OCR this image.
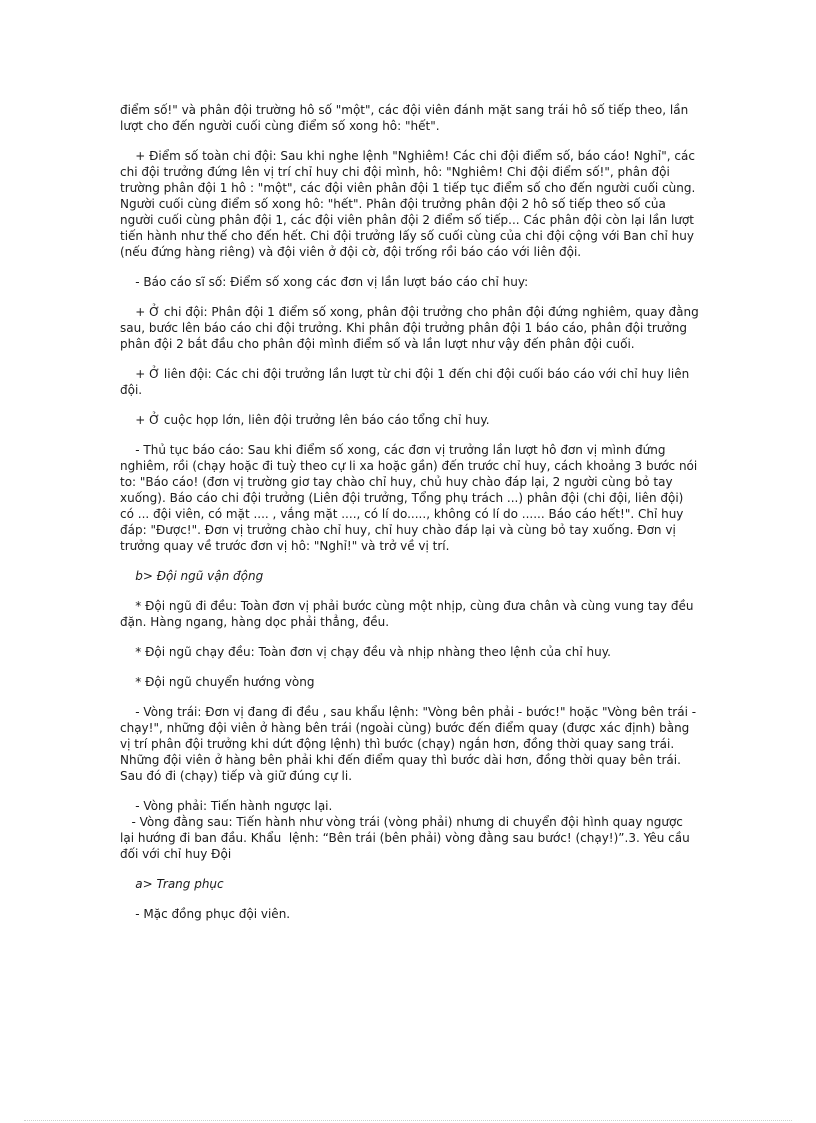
điểm số!" và phân đội trường hô số "một", các đội viên đánh mặt sang trái hô số tiếp theo, lần lượt cho đến người cuối cùng điểm số xong hô: "hết".

+ Điểm số toàn chi đội: Sau khi nghe lệnh "Nghiêm! Các chi đội điểm số, báo cáo! Nghỉ", các chi đội trưởng đứng lên vị trí chỉ huy chi đội mình, hô: "Nghiêm! Chi đội điểm số!", phân đội trường phân đội 1 hô : "một", các đội viên phân đội 1 tiếp tục điểm số cho đến người cuối cùng. Người cuối cùng điểm số xong hô: "hết". Phân đội trưởng phân đội 2 hô số tiếp theo số của người cuối cùng phân đội 1, các đội viên phân đội 2 điểm số tiếp... Các phân đội còn lại lần lượt tiến hành như thế cho đến hết. Chi đội trưởng lấy số cuối cùng của chi đội cộng với Ban chỉ huy (nếu đứng hàng riêng) và đội viên ở đội cờ, đội trống rồi báo cáo với liên đội.

- Báo cáo sĩ số: Điểm số xong các đơn vị lần lượt báo cáo chỉ huy:

+ Ở chi đội: Phân đội 1 điểm số xong, phân đội trưởng cho phân đội đứng nghiêm, quay đằng sau, bước lên báo cáo chi đội trưởng. Khi phân đội trưởng phân đội 1 báo cáo, phân đội trưởng phân đội 2 bắt đầu cho phân đội mình điểm số và lần lượt như vậy đến phân đội cuối.

+ Ở liên đội: Các chi đội trưởng lần lượt từ chi đội 1 đến chi đội cuối báo cáo với chỉ huy liên đội.

+ Ở cuộc họp lớn, liên đội trưởng lên báo cáo tổng chỉ huy.

- Thủ tục báo cáo: Sau khi điểm số xong, các đơn vị trưởng lần lượt hô đơn vị mình đứng nghiêm, rồi (chạy hoặc đi tuỳ theo cự li xa hoặc gần) đến trước chỉ huy, cách khoảng 3 bước nói to: "Báo cáo! (đơn vị trường giơ tay chào chỉ huy, chủ huy chào đáp lại, 2 người cùng bỏ tay xuống). Báo cáo chi đội trưởng (Liên đội trưởng, Tổng phụ trách ...) phân đội (chi đội, liên đội) có ... đội viên, có mặt .... , vắng mặt ...., có lí do....., không có lí do ...... Báo cáo hết!". Chỉ huy đáp: "Được!". Đơn vị trưởng chào chỉ huy, chỉ huy chào đáp lại và cùng bỏ tay xuống. Đơn vị trưởng quay về trước đơn vị hô: "Nghỉ!" và trở về vị trí.

b> Đội ngũ vận động

* Đội ngũ đi đều: Toàn đơn vị phải bước cùng một nhịp, cùng đưa chân và cùng vung tay đều đặn. Hàng ngang, hàng dọc phải thẳng, đều.

* Đội ngũ chạy đều: Toàn đơn vị chạy đều và nhịp nhàng theo lệnh của chỉ huy.

* Đội ngũ chuyển hướng vòng

- Vòng trái: Đơn vị đang đi đều , sau khẩu lệnh: "Vòng bên phải - bước!" hoặc "Vòng bên trái - chạy!", những đội viên ở hàng bên trái (ngoài cùng) bước đến điểm quay (được xác định) bằng vị trí phân đội trưởng khi dứt động lệnh) thì bước (chạy) ngắn hơn, đồng thời quay sang trái. Những đội viên ở hàng bên phải khi đến điểm quay thì bước dài hơn, đồng thời quay bên trái. Sau đó đi (chạy) tiếp và giữ đúng cự li.

- Vòng phải: Tiến hành ngược lại.

- Vòng đằng sau: Tiến hành như vòng trái (vòng phải) nhưng di chuyển đội hình quay ngược lại hướng đi ban đầu. Khẩu  lệnh: “Bên trái (bên phải) vòng đằng sau bước! (chạy!)”.3. Yêu cầu đối với chỉ huy Đội

a> Trang phục

- Mặc đồng phục đội viên.
